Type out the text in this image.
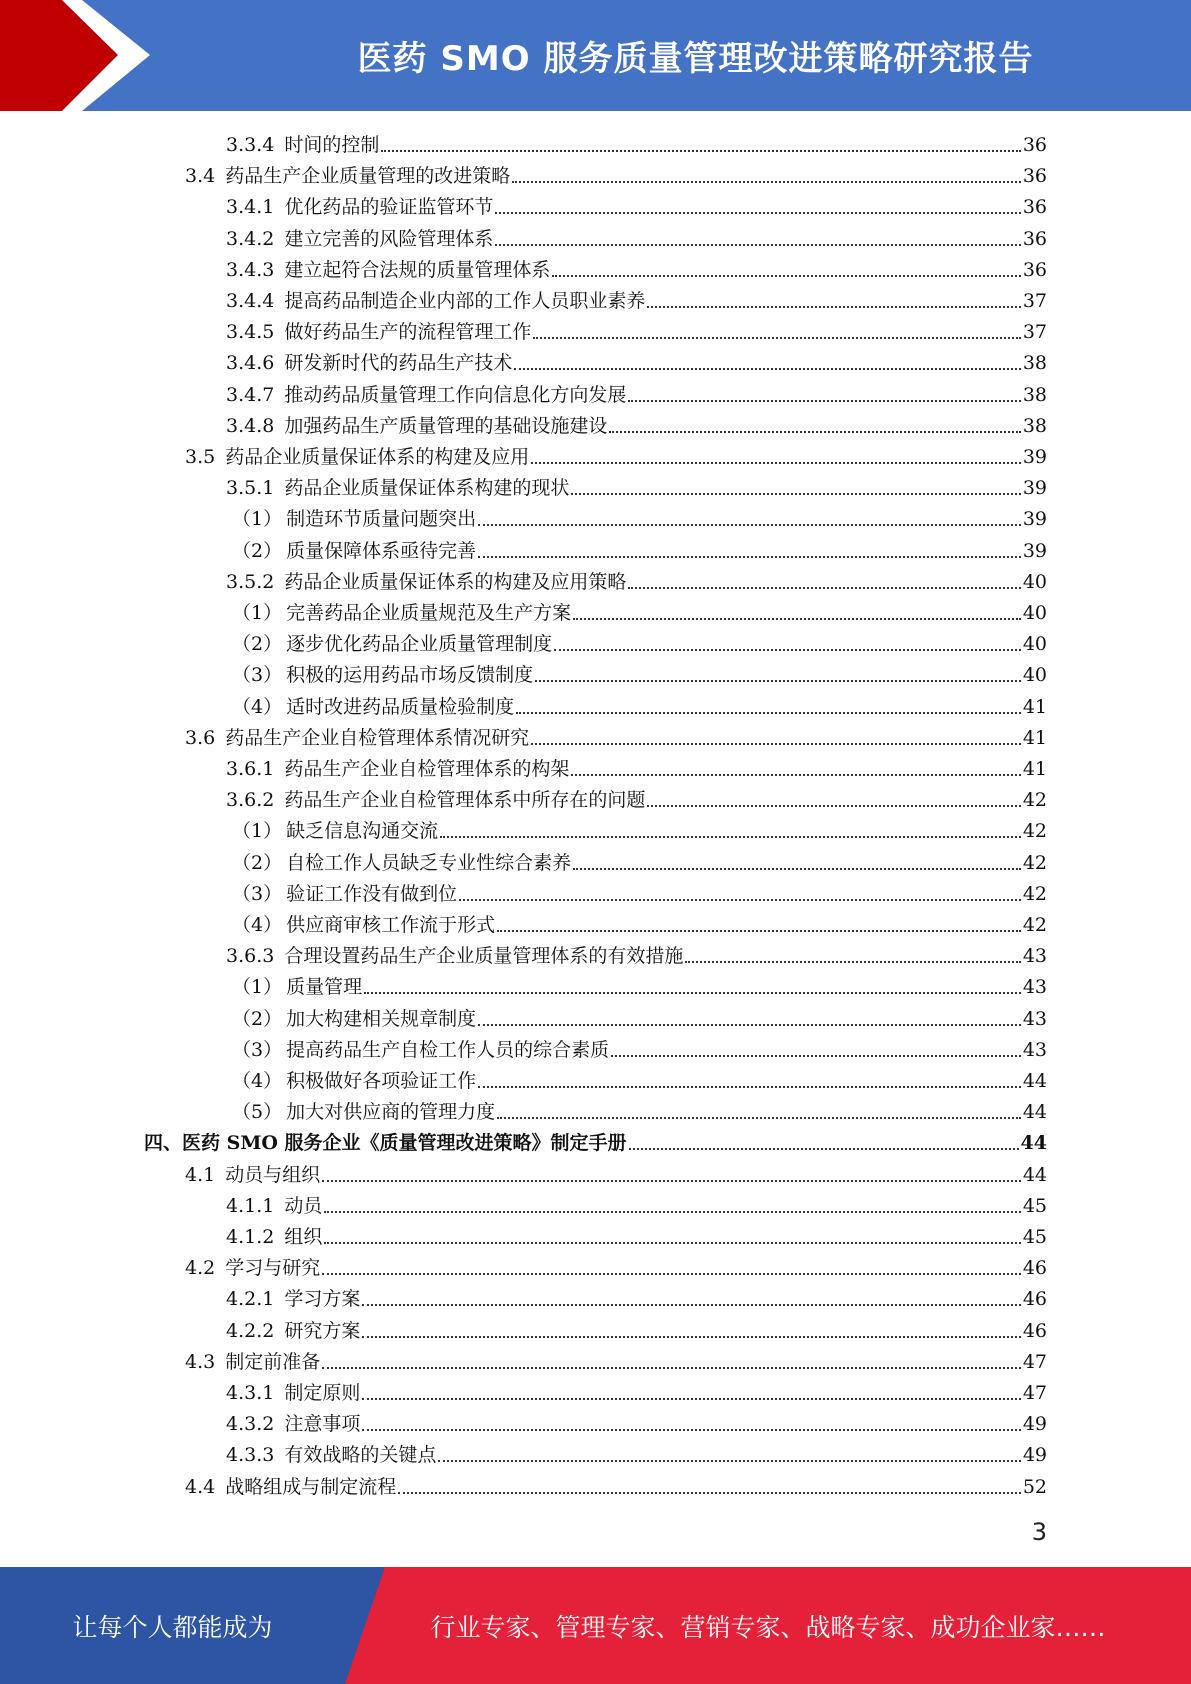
医药 SMO 服务质量管理改进策略研究报告
3.3.4 时间的控制	36
3.4 药品生产企业质量管理的改进策略	36
3.4.1 优化药品的验证监管环节	36
3.4.2 建立完善的风险管理体系	36
3.4.3 建立起符合法规的质量管理体系	36
3.4.4 提高药品制造企业内部的工作人员职业素养	37
3.4.5 做好药品生产的流程管理工作	37
3.4.6 研发新时代的药品生产技术	38
3.4.7 推动药品质量管理工作向信息化方向发展	38
3.4.8 加强药品生产质量管理的基础设施建设	38
3.5 药品企业质量保证体系的构建及应用	39
3.5.1 药品企业质量保证体系构建的现状	39
（1） 制造环节质量问题突出	39
（2） 质量保障体系亟待完善	39
3.5.2 药品企业质量保证体系的构建及应用策略	40
（1） 完善药品企业质量规范及生产方案	40
（2） 逐步优化药品企业质量管理制度	40
（3） 积极的运用药品市场反馈制度	40
（4） 适时改进药品质量检验制度	41
3.6 药品生产企业自检管理体系情况研究	41
3.6.1 药品生产企业自检管理体系的构架	41
3.6.2 药品生产企业自检管理体系中所存在的问题	42
（1） 缺乏信息沟通交流	42
（2） 自检工作人员缺乏专业性综合素养	42
（3） 验证工作没有做到位	42
（4） 供应商审核工作流于形式	42
3.6.3 合理设置药品生产企业质量管理体系的有效措施	43
（1） 质量管理	43
（2） 加大构建相关规章制度	43
（3） 提高药品生产自检工作人员的综合素质	43
（4） 积极做好各项验证工作	44
（5） 加大对供应商的管理力度	44
四、医药 SMO 服务企业《质量管理改进策略》制定手册	44
4.1 动员与组织	44
4.1.1 动员	45
4.1.2 组织	45
4.2 学习与研究	46
4.2.1 学习方案	46
4.2.2 研究方案	46
4.3 制定前准备	47
4.3.1 制定原则	47
4.3.2 注意事项	49
4.3.3 有效战略的关键点	49
4.4 战略组成与制定流程	52
3
让每个人都能成为	行业专家、管理专家、营销专家、战略专家、成功企业家……
